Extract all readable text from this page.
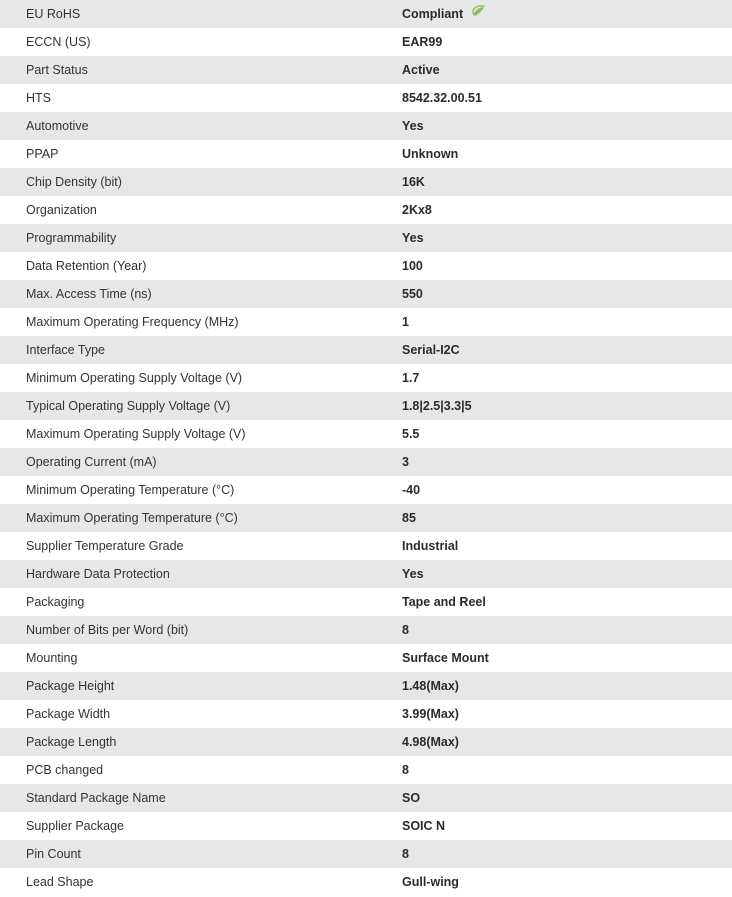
EU RoHS	Compliant
ECCN (US)	EAR99
Part Status	Active
HTS	8542.32.00.51
Automotive	Yes
PPAP	Unknown
Chip Density (bit)	16K
Organization	2Kx8
Programmability	Yes
Data Retention (Year)	100
Max. Access Time (ns)	550
Maximum Operating Frequency (MHz)	1
Interface Type	Serial-I2C
Minimum Operating Supply Voltage (V)	1.7
Typical Operating Supply Voltage (V)	1.8|2.5|3.3|5
Maximum Operating Supply Voltage (V)	5.5
Operating Current (mA)	3
Minimum Operating Temperature (°C)	-40
Maximum Operating Temperature (°C)	85
Supplier Temperature Grade	Industrial
Hardware Data Protection	Yes
Packaging	Tape and Reel
Number of Bits per Word (bit)	8
Mounting	Surface Mount
Package Height	1.48(Max)
Package Width	3.99(Max)
Package Length	4.98(Max)
PCB changed	8
Standard Package Name	SO
Supplier Package	SOIC N
Pin Count	8
Lead Shape	Gull-wing
